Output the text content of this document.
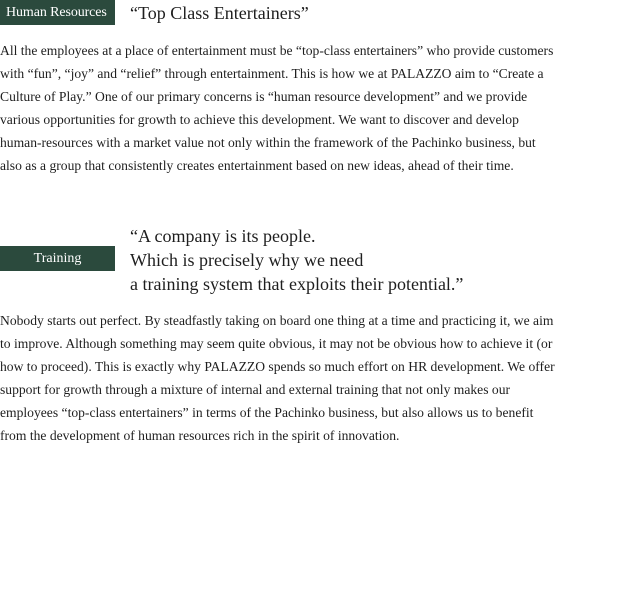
Human Resources	“Top Class Entertainers”

All the employees at a place of entertainment must be “top-class entertainers” who provide customers with “fun”, “joy” and “relief” through entertainment. This is how we at PALAZZO aim to “Create a Culture of Play.” One of our primary concerns is “human resource development” and we provide various opportunities for growth to achieve this development. We want to discover and develop human-resources with a market value not only within the framework of the Pachinko business, but also as a group that consistently creates entertainment based on new ideas, ahead of their time.

Training
“A company is its people.
Which is precisely why we need
a training system that exploits their potential.”

Nobody starts out perfect. By steadfastly taking on board one thing at a time and practicing it, we aim to improve. Although something may seem quite obvious, it may not be obvious how to achieve it (or how to proceed). This is exactly why PALAZZO spends so much effort on HR development. We offer support for growth through a mixture of internal and external training that not only makes our employees “top-class entertainers” in terms of the Pachinko business, but also allows us to benefit from the development of human resources rich in the spirit of innovation.
